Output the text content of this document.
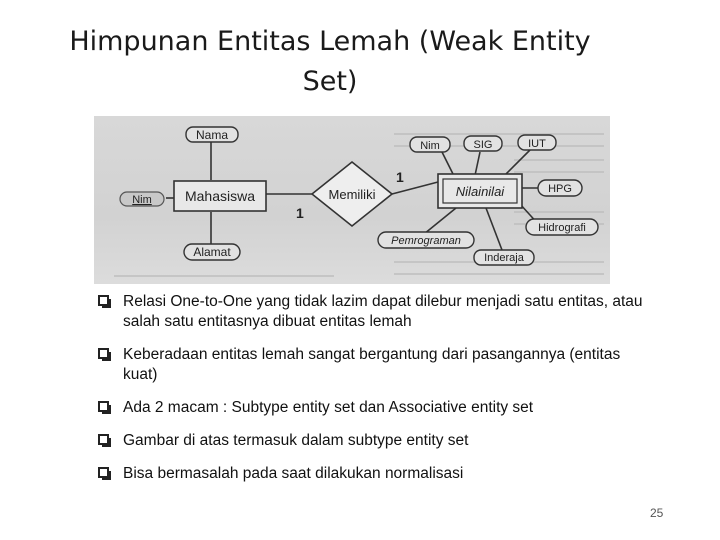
Himpunan Entitas Lemah (Weak Entity Set)
Nama
Nim Mahasiswa
Alamat
Memiliki
1
1
Nilainilai
Nim	SIG	IUT
HPG
Hidrografi
Pemrograman
Inderaja
Relasi One-to-One yang tidak lazim dapat dilebur menjadi satu entitas, atau salah satu entitasnya dibuat entitas lemah
Keberadaan entitas lemah sangat bergantung dari pasangannya (entitas kuat)
Ada 2 macam : Subtype entity set dan Associative entity set
Gambar di atas termasuk dalam subtype entity set
Bisa bermasalah pada saat dilakukan normalisasi
25
